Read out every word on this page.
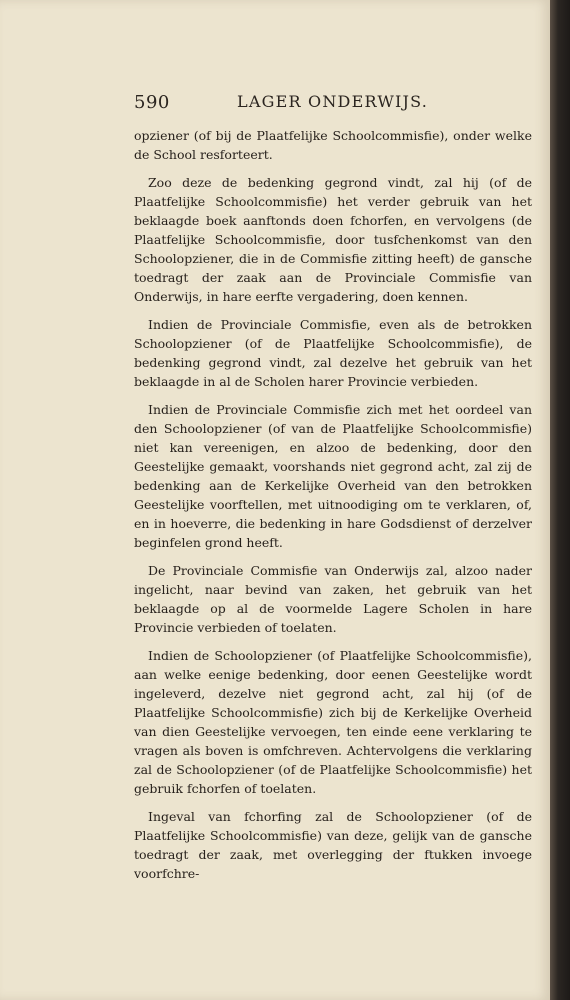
590	LAGER ONDERWIJS.

opziener (of bij de Plaatfelijke Schoolcommisfie), onder welke de School resforteert.

Zoo deze de bedenking gegrond vindt, zal hij (of de Plaatfelijke Schoolcommisfie) het verder gebruik van het beklaagde boek aanftonds doen fchorfen, en vervolgens (de Plaatfelijke Schoolcommisfie, door tusfchenkomst van den Schoolopziener, die in de Commisfie zitting heeft) de gansche toedragt der zaak aan de Provinciale Commisfie van Onderwijs, in hare eerfte vergadering, doen kennen.

Indien de Provinciale Commisfie, even als de betrokken Schoolopziener (of de Plaatfelijke Schoolcommisfie), de bedenking gegrond vindt, zal dezelve het gebruik van het beklaagde in al de Scholen harer Provincie verbieden.

Indien de Provinciale Commisfie zich met het oordeel van den Schoolopziener (of van de Plaatfelijke Schoolcommisfie) niet kan vereenigen, en alzoo de bedenking, door den Geestelijke gemaakt, voorshands niet gegrond acht, zal zij de bedenking aan de Kerkelijke Overheid van den betrokken Geestelijke voorftellen, met uitnoodiging om te verklaren, of, en in hoeverre, die bedenking in hare Godsdienst of derzelver beginfelen grond heeft.

De Provinciale Commisfie van Onderwijs zal, alzoo nader ingelicht, naar bevind van zaken, het gebruik van het beklaagde op al de voormelde Lagere Scholen in hare Provincie verbieden of toelaten.

Indien de Schoolopziener (of Plaatfelijke Schoolcommisfie), aan welke eenige bedenking, door eenen Geestelijke wordt ingeleverd, dezelve niet gegrond acht, zal hij (of de Plaatfelijke Schoolcommisfie) zich bij de Kerkelijke Overheid van dien Geestelijke vervoegen, ten einde eene verklaring te vragen als boven is omfchreven. Achtervolgens die verklaring zal de Schoolopziener (of de Plaatfelijke Schoolcommisfie) het gebruik fchorfen of toelaten.

Ingeval van fchorfing zal de Schoolopziener (of de Plaatfelijke Schoolcommisfie) van deze, gelijk van de gansche toedragt der zaak, met overlegging der ftukken invoege voorfchre-
